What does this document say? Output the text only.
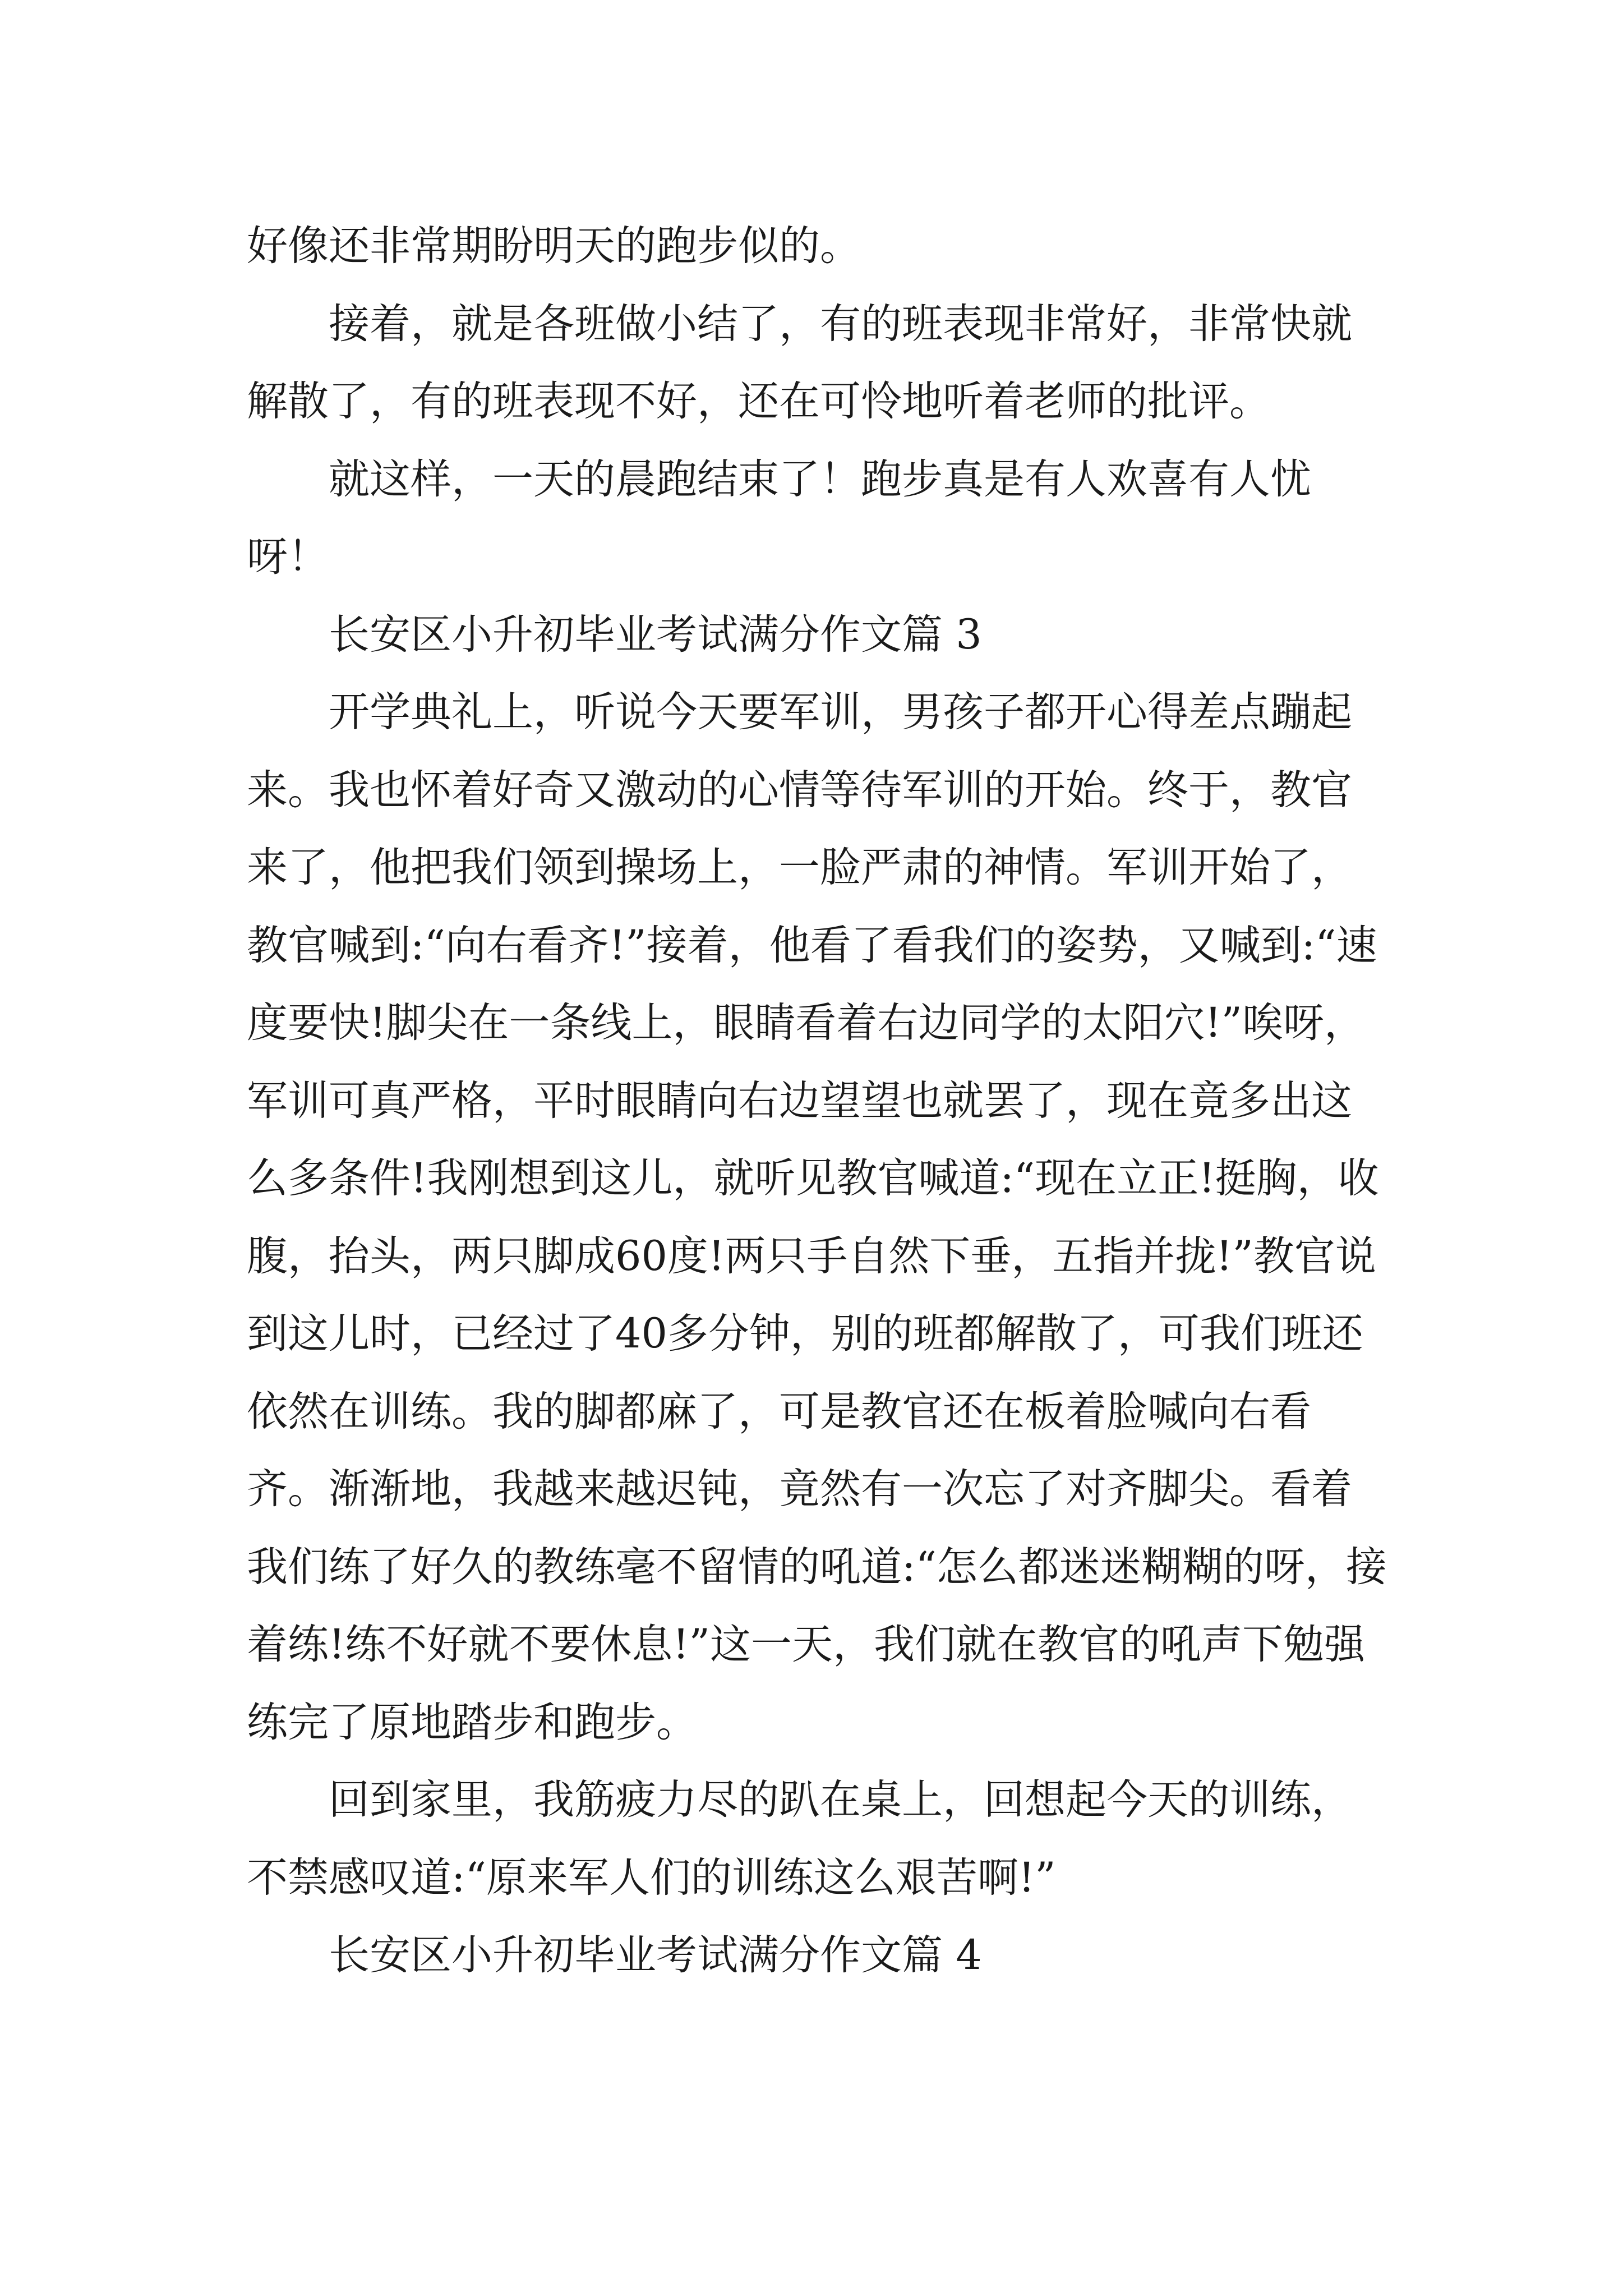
好像还非常期盼明天的跑步似的。

接着，就是各班做小结了，有的班表现非常好，非常快就解散了，有的班表现不好，还在可怜地听着老师的批评。

就这样，一天的晨跑结束了！跑步真是有人欢喜有人忧呀！

长安区小升初毕业考试满分作文篇 3

开学典礼上，听说今天要军训，男孩子都开心得差点蹦起来。我也怀着好奇又激动的心情等待军训的开始。终于，教官来了，他把我们领到操场上，一脸严肃的神情。军训开始了，教官喊到:“向右看齐!”接着，他看了看我们的姿势，又喊到:“速度要快!脚尖在一条线上，眼睛看着右边同学的太阳穴!”唉呀，军训可真严格，平时眼睛向右边望望也就罢了，现在竟多出这么多条件!我刚想到这儿，就听见教官喊道:“现在立正!挺胸，收腹，抬头，两只脚成60度!两只手自然下垂，五指并拢!”教官说到这儿时，已经过了40多分钟，别的班都解散了，可我们班还依然在训练。我的脚都麻了，可是教官还在板着脸喊向右看齐。渐渐地，我越来越迟钝，竟然有一次忘了对齐脚尖。看着我们练了好久的教练毫不留情的吼道:“怎么都迷迷糊糊的呀，接着练!练不好就不要休息!”这一天，我们就在教官的吼声下勉强练完了原地踏步和跑步。

回到家里，我筋疲力尽的趴在桌上，回想起今天的训练，不禁感叹道:“原来军人们的训练这么艰苦啊!”

长安区小升初毕业考试满分作文篇 4
